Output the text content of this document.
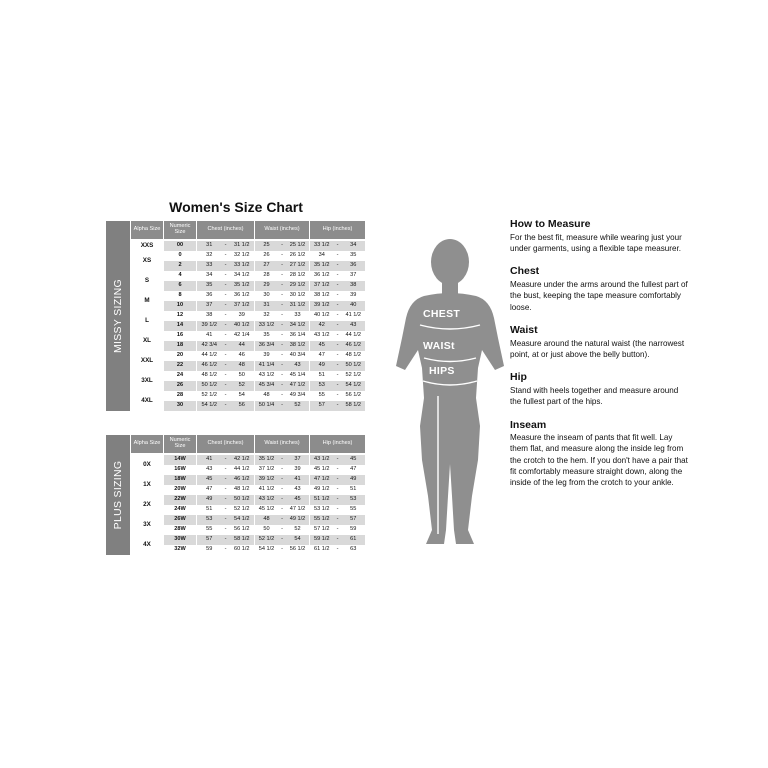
Women's Size Chart
MISSY SIZING
Alpha Size	Numeric Size	Chest (inches)	Waist (inches)	Hip (inches)
XXS	00	31 - 31 1/2	25 - 25 1/2	33 1/2 - 34

XS	0	32 - 32 1/2	26 - 26 1/2	34 - 35

	2	33 - 33 1/2	27 - 27 1/2	35 1/2 - 36

S	4	34 - 34 1/2	28 - 28 1/2	36 1/2 - 37

	6	35 - 35 1/2	29 - 29 1/2	37 1/2 - 38

M	8	36 - 36 1/2	30 - 30 1/2	38 1/2 - 39

	10	37 - 37 1/2	31 - 31 1/2	39 1/2 - 40

L	12	38 - 39	32 - 33	40 1/2 - 41 1/2

	14	39 1/2 - 40 1/2	33 1/2 - 34 1/2	42 - 43

XL	16	41 - 42 1/4	35 - 36 1/4	43 1/2 - 44 1/2

	18	42 3/4 - 44	36 3/4 - 38 1/2	45 - 46 1/2

XXL	20	44 1/2 - 46	39 - 40 3/4	47 - 48 1/2

	22	46 1/2 - 48	41 1/4 - 43	49 - 50 1/2

3XL	24	48 1/2 - 50	43 1/2 - 45 1/4	51 - 52 1/2

	26	50 1/2 - 52	45 3/4 - 47 1/2	53 - 54 1/2

4XL	28	52 1/2 - 54	48 - 49 3/4	55 - 56 1/2

	30	54 1/2 - 56	50 1/4 - 52	57 - 58 1/2
PLUS SIZING
Alpha Size	Numeric Size	Chest (inches)	Waist (inches)	Hip (inches)
0X	14W	41 - 42 1/2	35 1/2 - 37	43 1/2 - 45

	16W	43 - 44 1/2	37 1/2 - 39	45 1/2 - 47

1X	18W	45 - 46 1/2	39 1/2 - 41	47 1/2 - 49

	20W	47 - 48 1/2	41 1/2 - 43	49 1/2 - 51

2X	22W	49 - 50 1/2	43 1/2 - 45	51 1/2 - 53

	24W	51 - 52 1/2	45 1/2 - 47 1/2	53 1/2 - 55

3X	26W	53 - 54 1/2	48 - 49 1/2	55 1/2 - 57

	28W	55 - 56 1/2	50 - 52	57 1/2 - 59

4X	30W	57 - 58 1/2	52 1/2 - 54	59 1/2 - 61

	32W	59 - 60 1/2	54 1/2 - 56 1/2	61 1/2 - 63
CHEST
WAISt
HIPS
INSEAM
How to Measure

For the best fit, measure while wearing just your under garments, using a flexible tape measurer.

Chest

Measure under the arms around the fullest part of the bust, keeping the tape measure comfortably loose.

Waist

Measure around the natural waist (the narrowest point, at or just above the belly button).

Hip

Stand with heels together and measure around the fullest part of the hips.

Inseam

Measure the inseam of pants that fit well. Lay them flat, and measure along the inside leg from the crotch to the hem. If you don't have a pair that fit comfortably measure straight down, along the inside of the leg from the crotch to your ankle.
